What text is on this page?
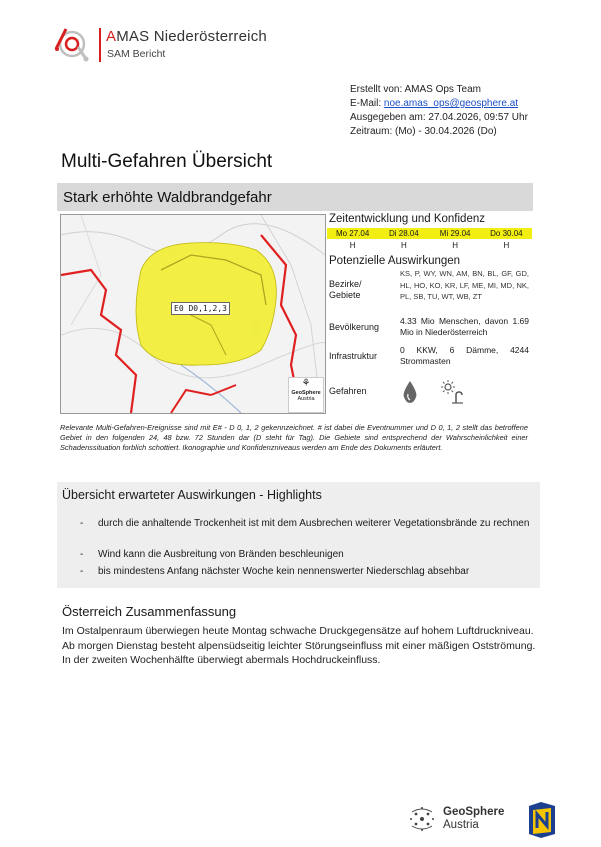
AMAS Niederösterreich
SAM Bericht
Erstellt von: AMAS Ops Team
E-Mail: noe.amas_ops@geosphere.at
Ausgegeben am: 27.04.2026, 09:57 Uhr
Zeitraum: (Mo) - 30.04.2026 (Do)
Multi-Gefahren Übersicht
Stark erhöhte Waldbrandgefahr
E0 D0,1,2,3
⚘
GeoSphere
Austria
Zeitentwicklung und Konfidenz
Mo 27.04	Di 28.04	Mi 29.04	Do 30.04
H	H	H	H
Potenzielle Auswirkungen
Bezirke/ Gebiete
KS, P, WY, WN, AM, BN, BL, GF, GD, HL, HO, KO, KR, LF, ME, MI, MD, NK, PL, SB, TU, WT, WB, ZT
Bevölkerung
4.33 Mio Menschen, davon 1.69 Mio in Niederösterreich
Infrastruktur
0 KKW, 6 Dämme, 4244 Strommasten
Gefahren
Relevante Multi-Gefahren-Ereignisse sind mit E# - D 0, 1, 2 gekennzeichnet. # ist dabei die Eventnummer und D 0, 1, 2 stellt das betroffene Gebiet in den folgenden 24, 48 bzw. 72 Stunden dar (D steht für Tag). Die Gebiete sind entsprechend der Wahrscheinlichkeit einer Schadenssituation forblich schottiert. Ikonographie und Konfidenzniveaus werden am Ende des Dokuments erläutert.
Übersicht erwarteter Auswirkungen - Highlights
-	durch die anhaltende Trockenheit ist mit dem Ausbrechen weiterer Vegetationsbrände zu rechnen
-	Wind kann die Ausbreitung von Bränden beschleunigen
-	bis mindestens Anfang nächster Woche kein nennenswerter Niederschlag absehbar
Österreich Zusammenfassung
Im Ostalpenraum überwiegen heute Montag schwache Druckgegensätze auf hohem Luftdruckniveau. Ab morgen Dienstag besteht alpensüdseitig leichter Störungseinfluss mit einer mäßigen Ostströmung. In der zweiten Wochenhälfte überwiegt abermals Hochdruckeinfluss.
GeoSphere
Austria
